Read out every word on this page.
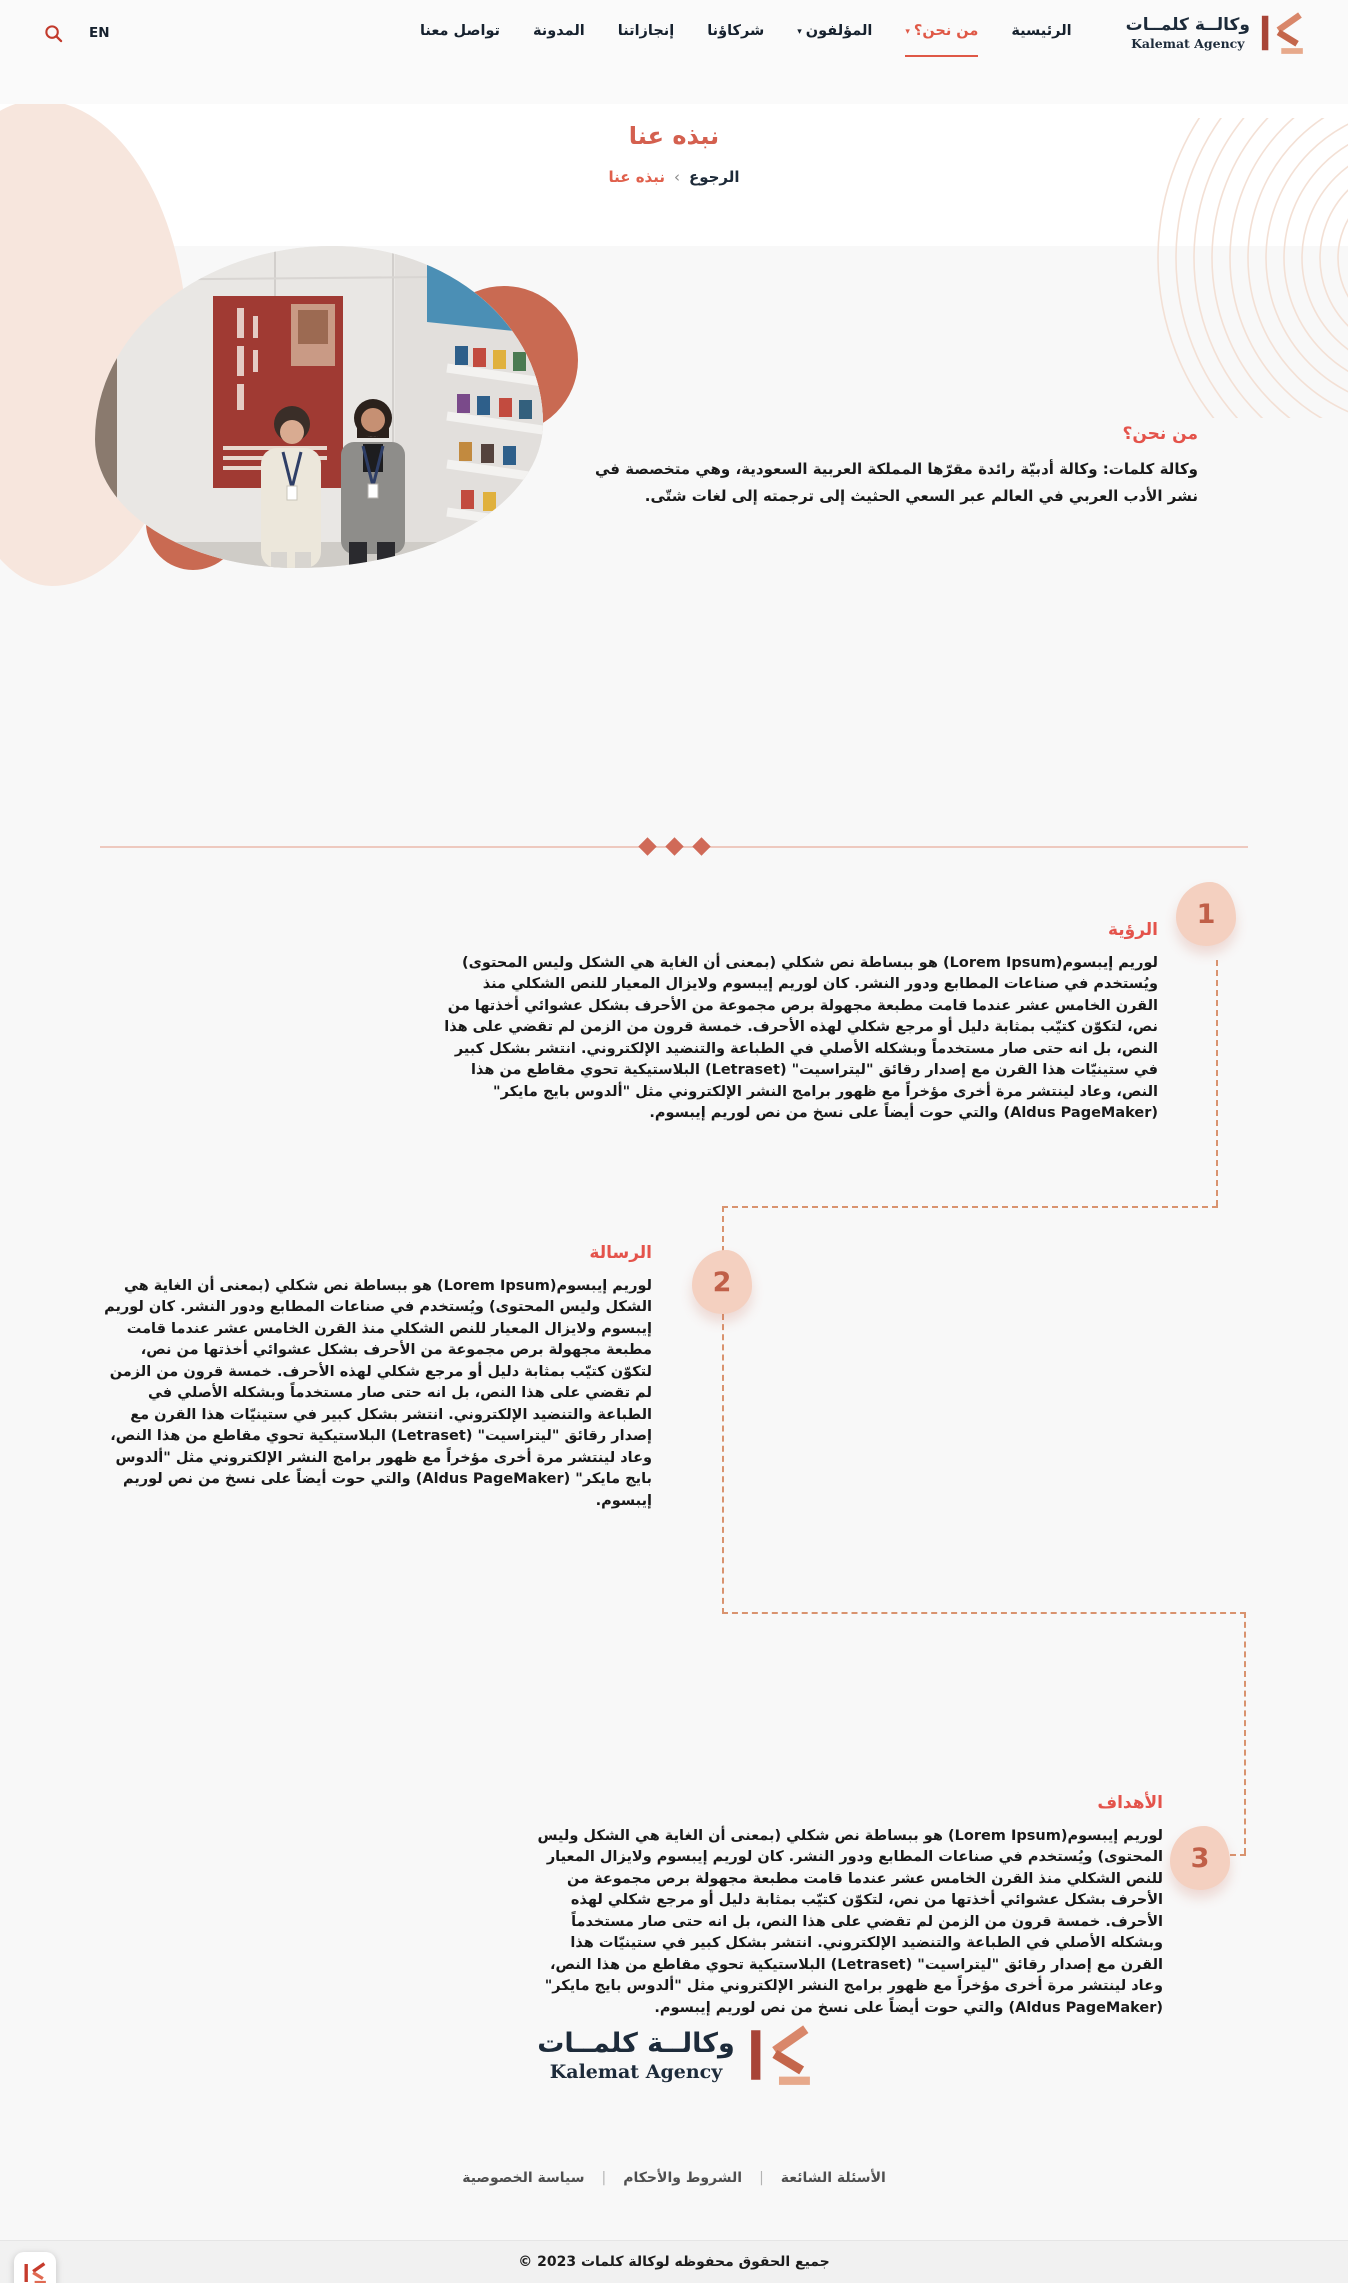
وكالــة كلمــات
Kalemat Agency
الرئيسية
من نحن؟
▾
المؤلفون
▾
شركاؤنا
إنجازاتنا
المدونة
تواصل معنا
EN
نبذه عنا
الرجوع
‹
نبذه عنا
من نحن؟

وكالة كلمات: وكالة أدبيّة رائدة مقرّها المملكة العربية السعودية، وهي متخصصة في نشر الأدب العربي في العالم عبر السعي الحثيث إلى ترجمته إلى لغات شتّى.

1
2
3
الرؤية

لوريم إيبسوم(Lorem Ipsum) هو ببساطة نص شكلي (بمعنى أن الغاية هي الشكل وليس المحتوى) ويُستخدم في صناعات المطابع ودور النشر. كان لوريم إيبسوم ولايزال المعيار للنص الشكلي منذ القرن الخامس عشر عندما قامت مطبعة مجهولة برص مجموعة من الأحرف بشكل عشوائي أخذتها من نص، لتكوّن كتيّب بمثابة دليل أو مرجع شكلي لهذه الأحرف. خمسة قرون من الزمن لم تقضي على هذا النص، بل انه حتى صار مستخدماً وبشكله الأصلي في الطباعة والتنضيد الإلكتروني. انتشر بشكل كبير في ستينيّات هذا القرن مع إصدار رقائق "ليتراسيت" (Letraset) البلاستيكية تحوي مقاطع من هذا النص، وعاد لينتشر مرة أخرى مؤخراً مع ظهور برامج النشر الإلكتروني مثل "ألدوس بايج مايكر" (Aldus PageMaker) والتي حوت أيضاً على نسخ من نص لوريم إيبسوم.

الرسالة

لوريم إيبسوم(Lorem Ipsum) هو ببساطة نص شكلي (بمعنى أن الغاية هي الشكل وليس المحتوى) ويُستخدم في صناعات المطابع ودور النشر. كان لوريم إيبسوم ولايزال المعيار للنص الشكلي منذ القرن الخامس عشر عندما قامت مطبعة مجهولة برص مجموعة من الأحرف بشكل عشوائي أخذتها من نص، لتكوّن كتيّب بمثابة دليل أو مرجع شكلي لهذه الأحرف. خمسة قرون من الزمن لم تقضي على هذا النص، بل انه حتى صار مستخدماً وبشكله الأصلي في الطباعة والتنضيد الإلكتروني. انتشر بشكل كبير في ستينيّات هذا القرن مع إصدار رقائق "ليتراسيت" (Letraset) البلاستيكية تحوي مقاطع من هذا النص، وعاد لينتشر مرة أخرى مؤخراً مع ظهور برامج النشر الإلكتروني مثل "ألدوس بايج مايكر" (Aldus PageMaker) والتي حوت أيضاً على نسخ من نص لوريم إيبسوم.

الأهداف

لوريم إيبسوم(Lorem Ipsum) هو ببساطة نص شكلي (بمعنى أن الغاية هي الشكل وليس المحتوى) ويُستخدم في صناعات المطابع ودور النشر. كان لوريم إيبسوم ولايزال المعيار للنص الشكلي منذ القرن الخامس عشر عندما قامت مطبعة مجهولة برص مجموعة من الأحرف بشكل عشوائي أخذتها من نص، لتكوّن كتيّب بمثابة دليل أو مرجع شكلي لهذه الأحرف. خمسة قرون من الزمن لم تقضي على هذا النص، بل انه حتى صار مستخدماً وبشكله الأصلي في الطباعة والتنضيد الإلكتروني. انتشر بشكل كبير في ستينيّات هذا القرن مع إصدار رقائق "ليتراسيت" (Letraset) البلاستيكية تحوي مقاطع من هذا النص، وعاد لينتشر مرة أخرى مؤخراً مع ظهور برامج النشر الإلكتروني مثل "ألدوس بايج مايكر" (Aldus PageMaker) والتي حوت أيضاً على نسخ من نص لوريم إيبسوم.

وكالــة كلمــات
Kalemat Agency
الأسئلة الشائعة
|
الشروط والأحكام
|
سياسة الخصوصية
© 2023 جميع الحقوق محفوظه لوكالة كلمات
